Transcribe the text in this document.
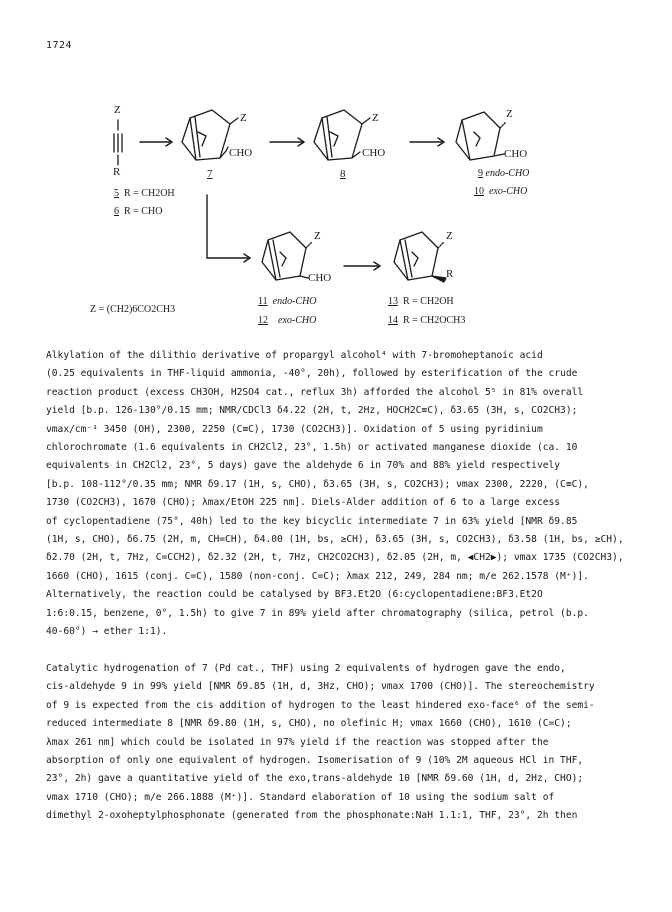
1724
Z
R
5 R = CH2OH
6 R = CHO
Z
CHO
7
Z
CHO
8
Z
CHO
9 endo-CHO
10 exo-CHO
Z
CHO
11 endo-CHO
12 exo-CHO
Z
R
13 R = CH2OH
14 R = CH2OCH3
Z = (CH2)6CO2CH3
Alkylation of the dilithio derivative of propargyl alcohol⁴ with 7-bromoheptanoic acid
(0.25 equivalents in THF-liquid ammonia, -40°, 20h), followed by esterification of the crude
reaction product (excess CH3OH, H2SO4 cat., reflux 3h) afforded the alcohol 5⁵ in 81% overall
yield [b.p. 126-130°/0.15 mm; NMR/CDCl3 δ4.22 (2H, t, 2Hz, HOCH2C≡C), δ3.65 (3H, s, CO2CH3);
νmax/cm⁻¹ 3450 (OH), 2300, 2250 (C≡C), 1730 (CO2CH3)]. Oxidation of 5 using pyridinium
chlorochromate (1.6 equivalents in CH2Cl2, 23°, 1.5h) or activated manganese dioxide (ca. 10
equivalents in CH2Cl2, 23°, 5 days) gave the aldehyde 6 in 70% and 88% yield respectively
[b.p. 108-112°/0.35 mm; NMR δ9.17 (1H, s, CHO), δ3.65 (3H, s, CO2CH3); νmax 2300, 2220, (C≡C),
1730 (CO2CH3), 1670 (CHO); λmax/EtOH 225 nm]. Diels-Alder addition of 6 to a large excess
of cyclopentadiene (75°, 40h) led to the key bicyclic intermediate 7 in 63% yield [NMR δ9.85
(1H, s, CHO), δ6.75 (2H, m, CH=CH), δ4.00 (1H, bs, ≥CH), δ3.65 (3H, s, CO2CH3), δ3.58 (1H, bs, ≥CH),
δ2.70 (2H, t, 7Hz, C=CCH2), δ2.32 (2H, t, 7Hz, CH2CO2CH3), δ2.05 (2H, m, ◀CH2▶); νmax 1735 (CO2CH3),
1660 (CHO), 1615 (conj. C=C), 1580 (non-conj. C=C); λmax 212, 249, 284 nm; m/e 262.1578 (M⁺)].
Alternatively, the reaction could be catalysed by BF3.Et2O (6:cyclopentadiene:BF3.Et2O
1:6:0.15, benzene, 0°, 1.5h) to give 7 in 89% yield after chromatography (silica, petrol (b.p.
40-60°) → ether 1:1).
Catalytic hydrogenation of 7 (Pd cat., THF) using 2 equivalents of hydrogen gave the endo,
cis-aldehyde 9 in 99% yield [NMR δ9.85 (1H, d, 3Hz, CHO); νmax 1700 (CHO)]. The stereochemistry
of 9 is expected from the cis addition of hydrogen to the least hindered exo-face⁶ of the semi-
reduced intermediate 8 [NMR δ9.80 (1H, s, CHO), no olefinic H; νmax 1660 (CHO), 1610 (C=C);
λmax 261 nm] which could be isolated in 97% yield if the reaction was stopped after the
absorption of only one equivalent of hydrogen. Isomerisation of 9 (10% 2M aqueous HCl in THF,
23°, 2h) gave a quantitative yield of the exo,trans-aldehyde 10 [NMR δ9.60 (1H, d, 2Hz, CHO);
νmax 1710 (CHO); m/e 266.1888 (M⁺)]. Standard elaboration of 10 using the sodium salt of
dimethyl 2-oxoheptylphosphonate (generated from the phosphonate:NaH 1.1:1, THF, 23°, 2h then
